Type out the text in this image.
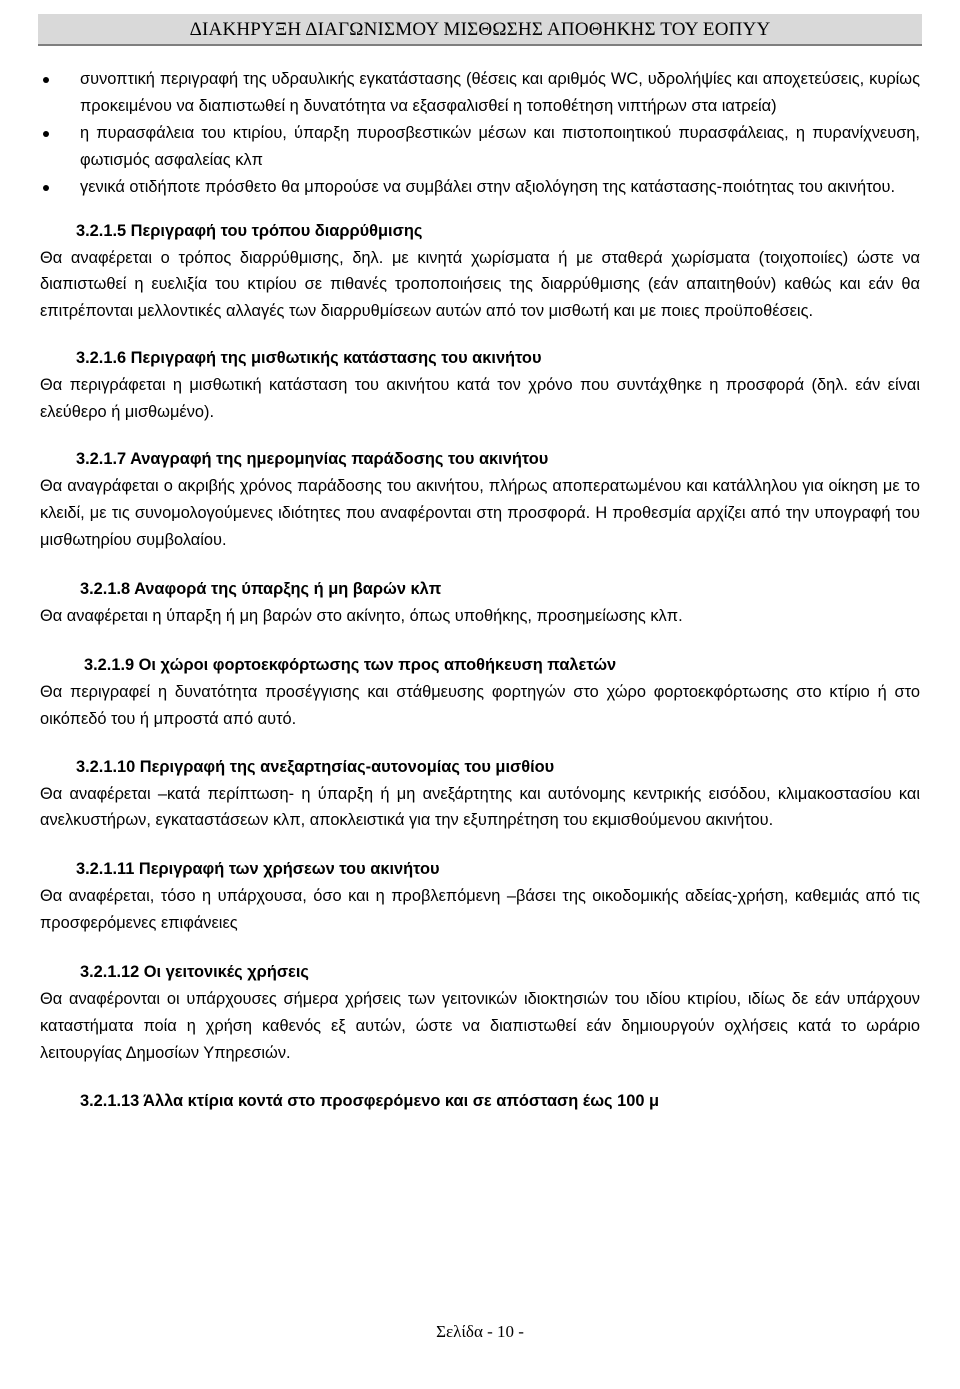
ΔΙΑΚΗΡΥΞΗ ΔΙΑΓΩΝΙΣΜΟΥ ΜΙΣΘΩΣΗΣ ΑΠΟΘΗΚΗΣ ΤΟΥ ΕΟΠΥΥ

συνοπτική περιγραφή της υδραυλικής εγκατάστασης (θέσεις και αριθμός WC, υδρολήψίες και αποχετεύσεις, κυρίως προκειμένου να διαπιστωθεί η δυνατότητα να εξασφαλισθεί η τοποθέτηση νιπτήρων στα ιατρεία)

η πυρασφάλεια του κτιρίου, ύπαρξη πυροσβεστικών μέσων και πιστοποιητικού πυρασφάλειας, η πυρανίχνευση, φωτισμός ασφαλείας κλπ

γενικά οτιδήποτε πρόσθετο θα μπορούσε να συμβάλει στην αξιολόγηση της κατάστασης-ποιότητας του ακινήτου.

3.2.1.5 Περιγραφή του τρόπου διαρρύθμισης

Θα αναφέρεται ο τρόπος διαρρύθμισης, δηλ. με κινητά χωρίσματα ή με σταθερά χωρίσματα (τοιχοποιίες) ώστε να διαπιστωθεί η ευελιξία του κτιρίου σε πιθανές τροποποιήσεις της διαρρύθμισης (εάν απαιτηθούν) καθώς και εάν θα επιτρέπονται μελλοντικές αλλαγές των διαρρυθμίσεων αυτών από τον μισθωτή και με ποιες προϋποθέσεις.

3.2.1.6 Περιγραφή της μισθωτικής κατάστασης του ακινήτου

Θα περιγράφεται η μισθωτική κατάσταση του ακινήτου κατά τον χρόνο που συντάχθηκε η προσφορά (δηλ. εάν είναι ελεύθερο ή μισθωμένο).

3.2.1.7 Αναγραφή της ημερομηνίας παράδοσης του ακινήτου

Θα αναγράφεται ο ακριβής χρόνος παράδοσης του ακινήτου, πλήρως αποπερατωμένου και κατάλληλου για οίκηση με το κλειδί, με τις συνομολογούμενες ιδιότητες που αναφέρονται στη προσφορά. Η προθεσμία αρχίζει από την υπογραφή του μισθωτηρίου συμβολαίου.

3.2.1.8 Αναφορά της ύπαρξης ή μη βαρών κλπ

Θα αναφέρεται η ύπαρξη ή μη βαρών στο ακίνητο, όπως υποθήκης, προσημείωσης κλπ.

3.2.1.9 Οι χώροι φορτοεκφόρτωσης των προς αποθήκευση παλετών

Θα περιγραφεί η δυνατότητα προσέγγισης και στάθμευσης φορτηγών στο χώρο φορτοεκφόρτωσης στο κτίριο ή στο οικόπεδό του ή μπροστά από αυτό.

3.2.1.10 Περιγραφή της ανεξαρτησίας-αυτονομίας του μισθίου

Θα αναφέρεται –κατά περίπτωση- η ύπαρξη ή μη ανεξάρτητης και αυτόνομης κεντρικής εισόδου, κλιμακοστασίου και ανελκυστήρων, εγκαταστάσεων κλπ, αποκλειστικά για την εξυπηρέτηση του εκμισθούμενου ακινήτου.

3.2.1.11 Περιγραφή των χρήσεων του ακινήτου

Θα αναφέρεται, τόσο η υπάρχουσα, όσο και η προβλεπόμενη –βάσει της οικοδομικής αδείας-χρήση, καθεμιάς από τις προσφερόμενες επιφάνειες

3.2.1.12 Οι γειτονικές χρήσεις

Θα αναφέρονται οι υπάρχουσες σήμερα χρήσεις των γειτονικών ιδιοκτησιών του ιδίου κτιρίου, ιδίως δε εάν υπάρχουν καταστήματα ποία η χρήση καθενός εξ αυτών, ώστε να διαπιστωθεί εάν δημιουργούν οχλήσεις κατά το ωράριο λειτουργίας Δημοσίων Υπηρεσιών.

3.2.1.13 Άλλα κτίρια κοντά στο προσφερόμενο και σε απόσταση έως 100 μ

Σελίδα - 10 -
